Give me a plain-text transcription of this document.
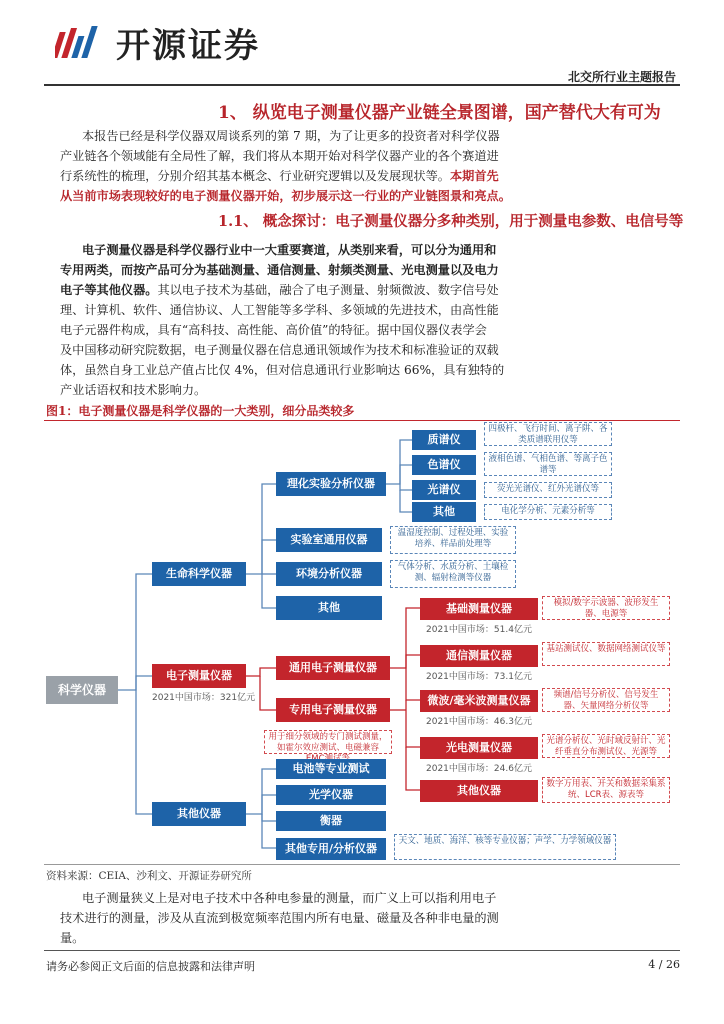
开源证券
北交所行业主题报告
1、 纵览电子测量仪器产业链全景图谱，国产替代大有可为
本报告已经是科学仪器双周谈系列的第 7 期，为了让更多的投资者对科学仪器
产业链各个领域能有全局性了解，我们将从本期开始对科学仪器产业的各个赛道进
行系统性的梳理，分别介绍其基本概念、行业研究逻辑以及发展现状等。本期首先
从当前市场表现较好的电子测量仪器开始，初步展示这一行业的产业链图景和亮点。
1.1、 概念探讨：电子测量仪器分多种类别，用于测量电参数、电信号等
电子测量仪器是科学仪器行业中一大重要赛道，从类别来看，可以分为通用和
专用两类，而按产品可分为基础测量、通信测量、射频类测量、光电测量以及电力
电子等其他仪器。其以电子技术为基础，融合了电子测量、射频微波、数字信号处
理、计算机、软件、通信协议、人工智能等多学科、多领域的先进技术，由高性能
电子元器件构成，具有“高科技、高性能、高价值”的特征。据中国仪器仪表学会
及中国移动研究院数据，电子测量仪器在信息通讯领域作为技术和标准验证的双载
体，虽然自身工业总产值占比仅 4%，但对信息通讯行业影响达 66%，具有独特的
产业话语权和技术影响力。
图1：电子测量仪器是科学仪器的一大类别，细分品类较多
科学仪器
生命科学仪器
电子测量仪器
2021中国市场：321亿元
其他仪器
理化实验分析仪器
实验室通用仪器
环境分析仪器
其他
温湿度控制、过程处理、实验培养、样品前处理等
气体分析、水质分析、土壤检测、辐射检测等仪器
质谱仪
四极杆、飞行时间、离子阱、各类质谱联用仪等
色谱仪	液相色谱、气相色谱、等离子色谱等
光谱仪	荧光光谱仪、红外光谱仪等
其他	电化学分析、元素分析等
通用电子测量仪器
专用电子测量仪器
用于细分领域的专门测试测量，如霍尔效应测试、电磁兼容
基础测量仪器
2021中国市场：51.4亿元
模拟/数字示波器、波形发生器、电源等
通信测量仪器
2021中国市场：73.1亿元
基站测试仪、数据网络测试仪等
微波/毫米波测量仪器
2021中国市场：46.3亿元
频谱/信号分析仪、信号发生器、矢量网络分析仪等
光电测量仪器
2021中国市场：24.6亿元
光谱分析仪、光时域反射计、光纤垂直分布测试仪、光源等
其他仪器	数字万用表、开关和数据采集系统、LCR表、源表等
电池等专业测试
光学仪器
衡器
其他专用/分析仪器
天文、地质、海洋、核等专业仪器；声学、力学领域仪器
资料来源：CEIA、沙利文、开源证券研究所
电子测量狭义上是对电子技术中各种电参量的测量，而广义上可以指利用电子
技术进行的测量，涉及从直流到极宽频率范围内所有电量、磁量及各种非电量的测
量。
请务必参阅正文后面的信息披露和法律声明	4 / 26
